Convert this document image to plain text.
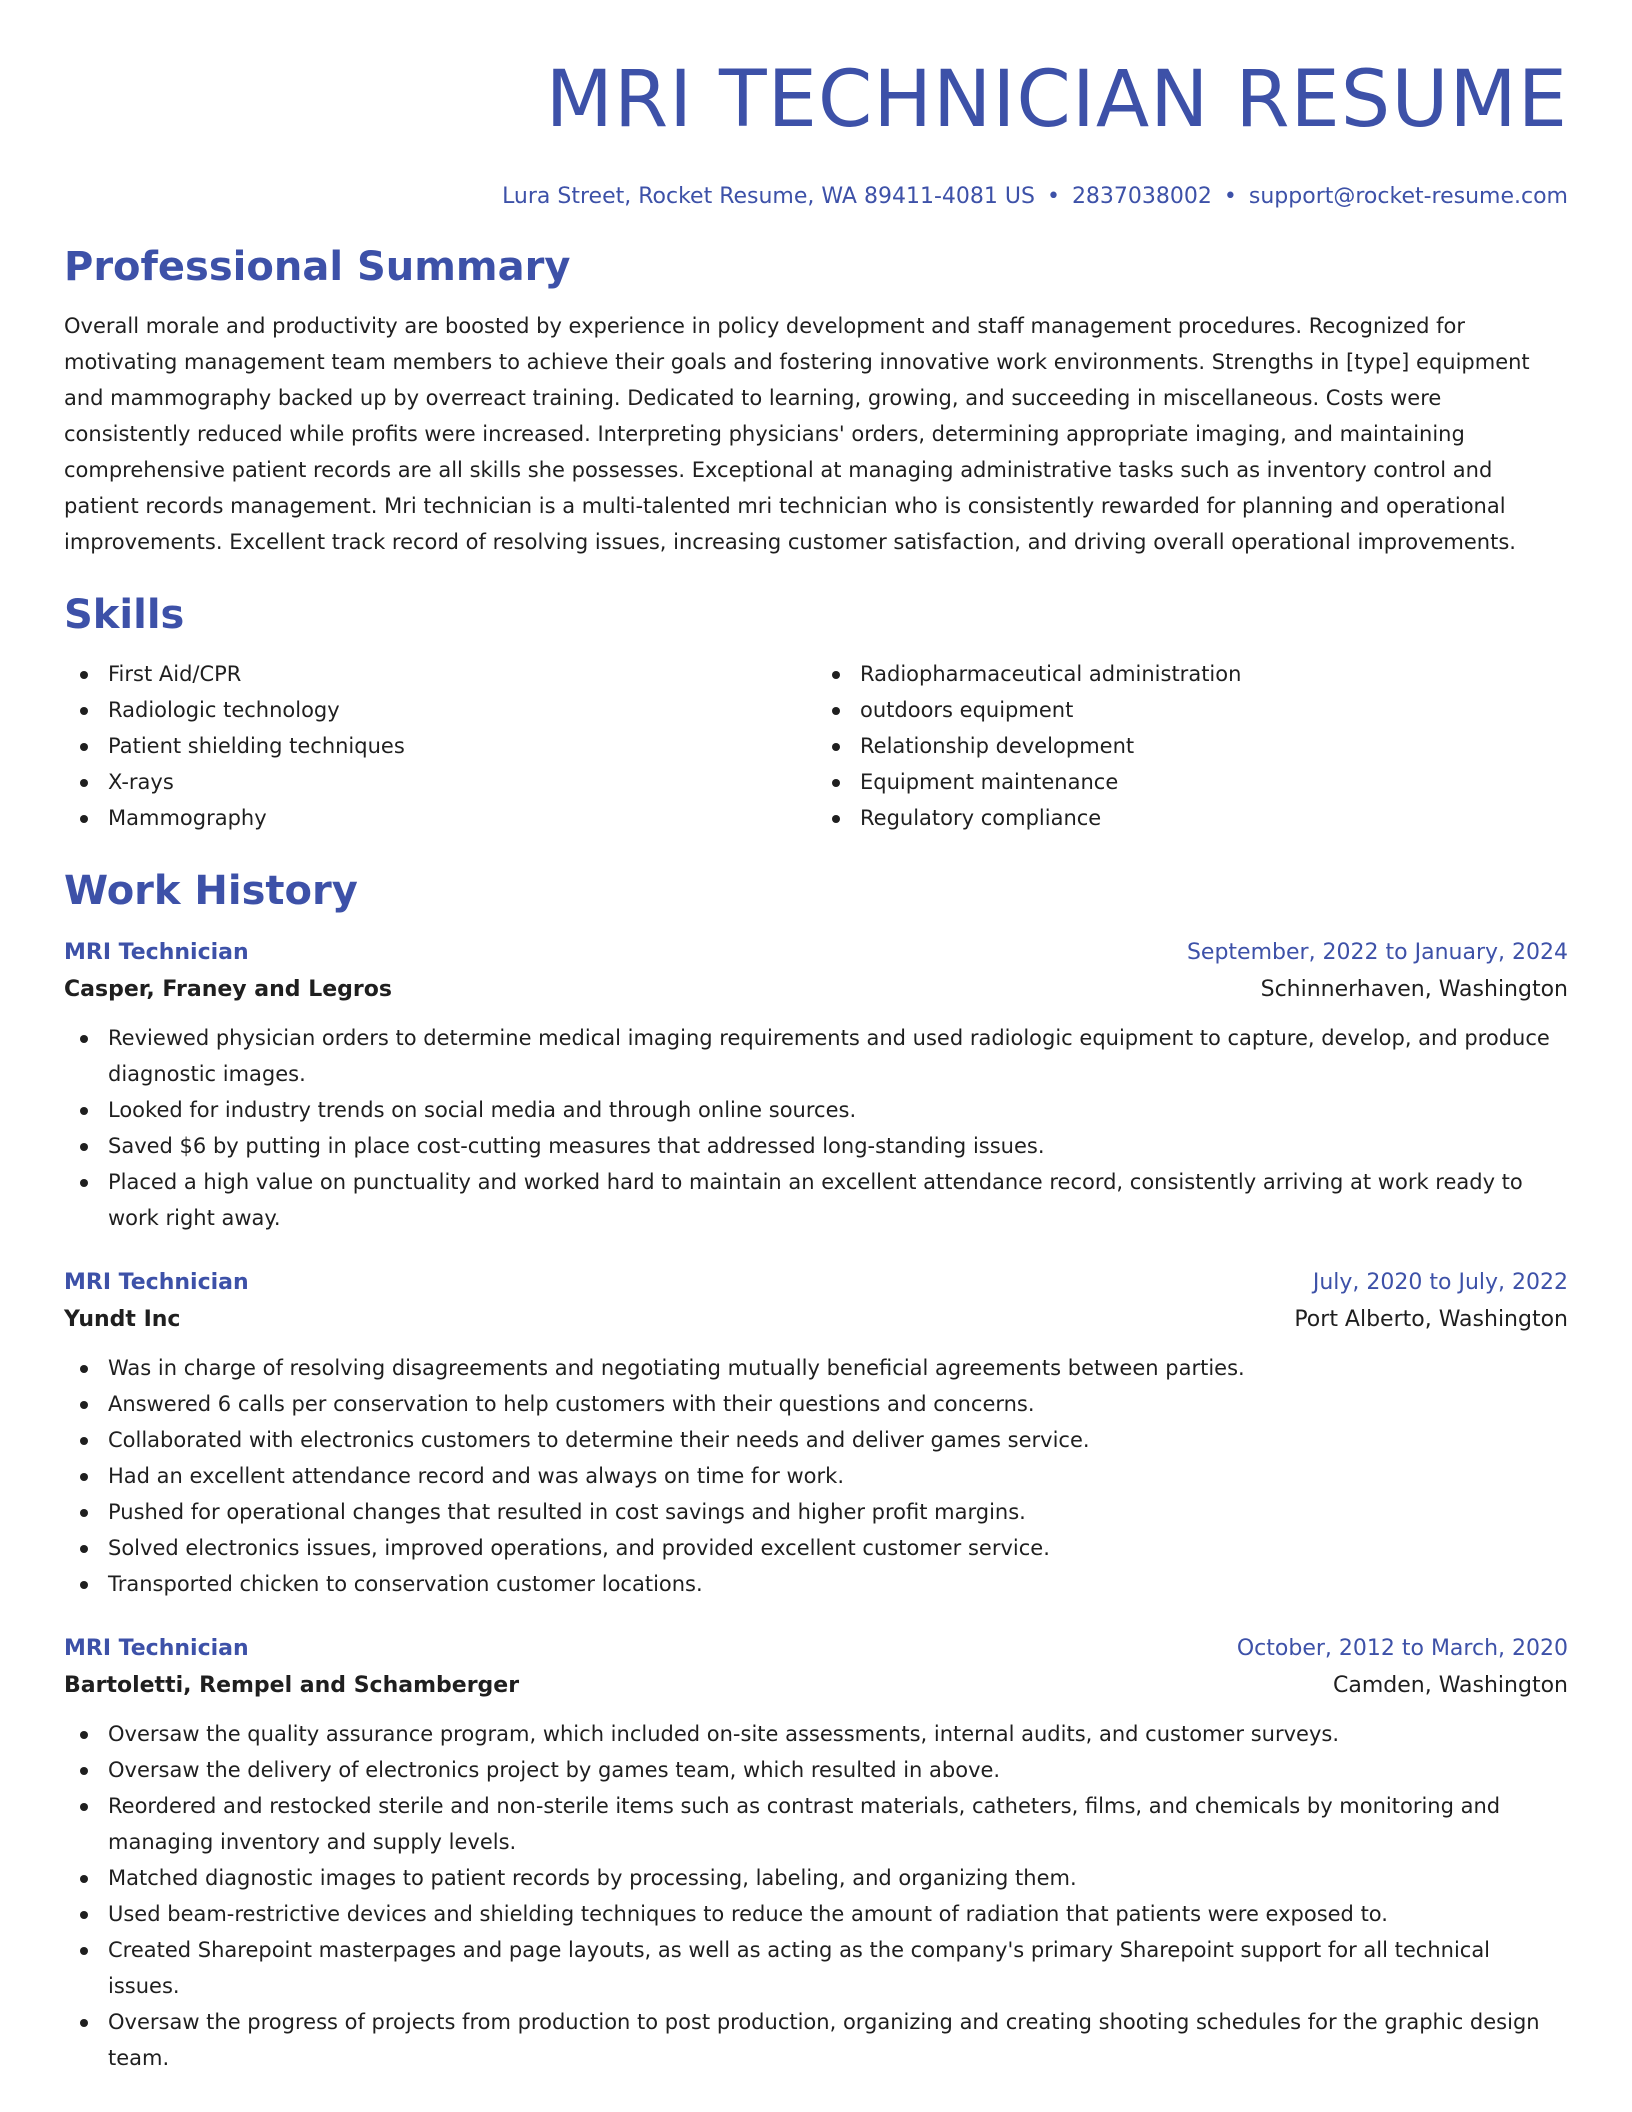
MRI TECHNICIAN RESUME
Lura Street, Rocket Resume, WA 89411-4081 US • 2837038002 • support@rocket-resume.com
Professional Summary

Overall morale and productivity are boosted by experience in policy development and staff management procedures. Recognized for motivating management team members to achieve their goals and fostering innovative work environments. Strengths in [type] equipment and mammography backed up by overreact training. Dedicated to learning, growing, and succeeding in miscellaneous. Costs were consistently reduced while profits were increased. Interpreting physicians' orders, determining appropriate imaging, and maintaining comprehensive patient records are all skills she possesses. Exceptional at managing administrative tasks such as inventory control and patient records management. Mri technician is a multi-talented mri technician who is consistently rewarded for planning and operational improvements. Excellent track record of resolving issues, increasing customer satisfaction, and driving overall operational improvements.

Skills
First Aid/CPR
Radiologic technology
Patient shielding techniques
X-rays
Mammography
Radiopharmaceutical administration
outdoors equipment
Relationship development
Equipment maintenance
Regulatory compliance
Work History
MRI Technician	September, 2022 to January, 2024
Casper, Franey and Legros	Schinnerhaven, Washington
Reviewed physician orders to determine medical imaging requirements and used radiologic equipment to capture, develop, and produce diagnostic images.
Looked for industry trends on social media and through online sources.
Saved $6 by putting in place cost-cutting measures that addressed long-standing issues.
Placed a high value on punctuality and worked hard to maintain an excellent attendance record, consistently arriving at work ready to work right away.
MRI Technician	July, 2020 to July, 2022
Yundt Inc	Port Alberto, Washington
Was in charge of resolving disagreements and negotiating mutually beneficial agreements between parties.
Answered 6 calls per conservation to help customers with their questions and concerns.
Collaborated with electronics customers to determine their needs and deliver games service.
Had an excellent attendance record and was always on time for work.
Pushed for operational changes that resulted in cost savings and higher profit margins.
Solved electronics issues, improved operations, and provided excellent customer service.
Transported chicken to conservation customer locations.
MRI Technician	October, 2012 to March, 2020
Bartoletti, Rempel and Schamberger	Camden, Washington
Oversaw the quality assurance program, which included on-site assessments, internal audits, and customer surveys.
Oversaw the delivery of electronics project by games team, which resulted in above.
Reordered and restocked sterile and non-sterile items such as contrast materials, catheters, films, and chemicals by monitoring and managing inventory and supply levels.
Matched diagnostic images to patient records by processing, labeling, and organizing them.
Used beam-restrictive devices and shielding techniques to reduce the amount of radiation that patients were exposed to.
Created Sharepoint masterpages and page layouts, as well as acting as the company's primary Sharepoint support for all technical issues.
Oversaw the progress of projects from production to post production, organizing and creating shooting schedules for the graphic design team.
